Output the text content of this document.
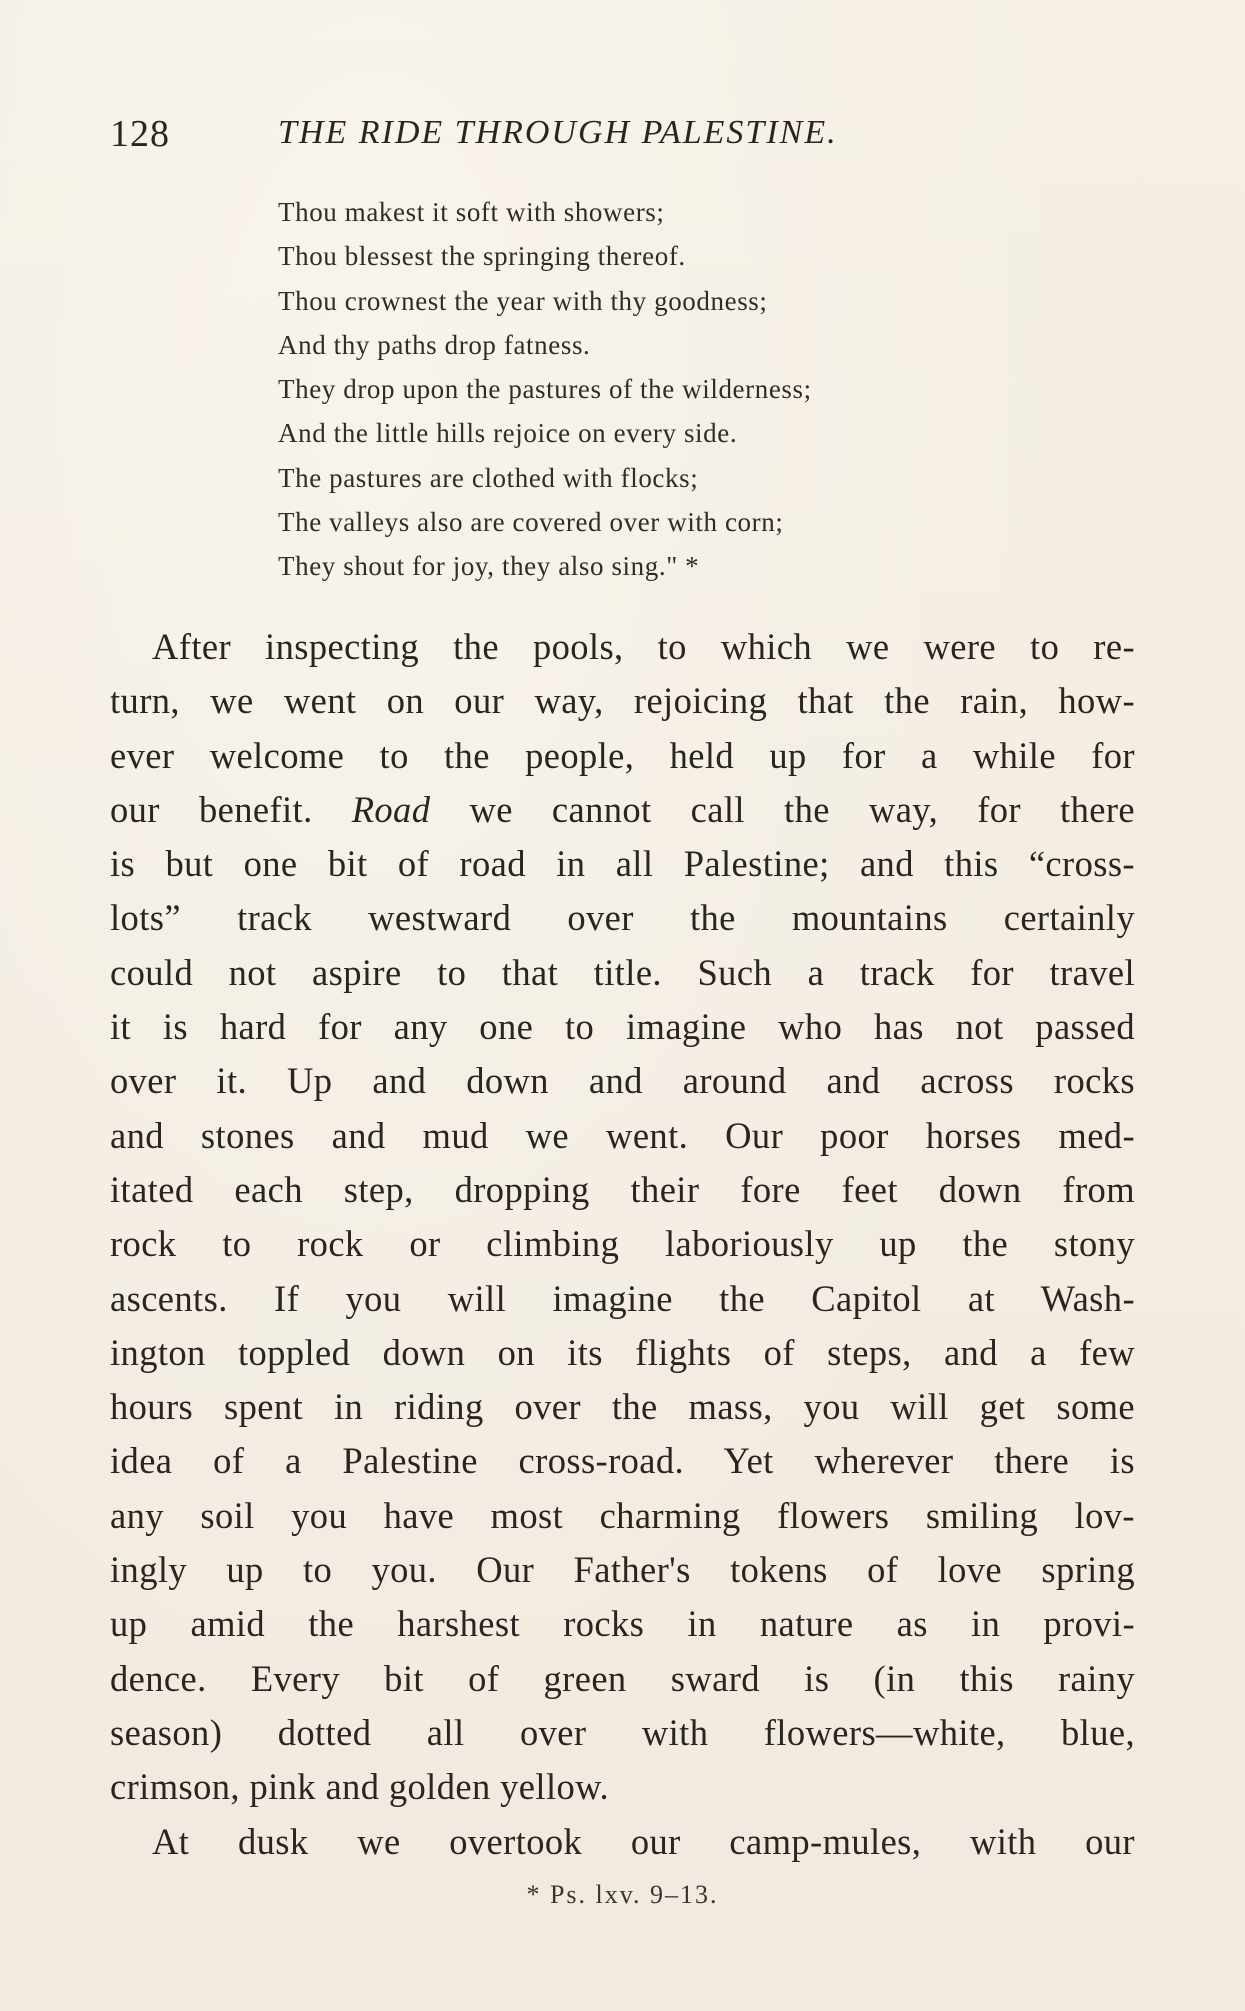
128	THE RIDE THROUGH PALESTINE.
Thou makest it soft with showers;
Thou blessest the springing thereof.
Thou crownest the year with thy goodness;
And thy paths drop fatness.
They drop upon the pastures of the wilderness;
And the little hills rejoice on every side.
The pastures are clothed with flocks;
The valleys also are covered over with corn;
They shout for joy, they also sing." *
After inspecting the pools, to which we were to re-
turn, we went on our way, rejoicing that the rain, how-
ever welcome to the people, held up for a while for
our benefit. Road we cannot call the way, for there
is but one bit of road in all Palestine; and this “cross-
lots” track westward over the mountains certainly
could not aspire to that title. Such a track for travel
it is hard for any one to imagine who has not passed
over it. Up and down and around and across rocks
and stones and mud we went. Our poor horses med-
itated each step, dropping their fore feet down from
rock to rock or climbing laboriously up the stony
ascents. If you will imagine the Capitol at Wash-
ington toppled down on its flights of steps, and a few
hours spent in riding over the mass, you will get some
idea of a Palestine cross-road. Yet wherever there is
any soil you have most charming flowers smiling lov-
ingly up to you. Our Father's tokens of love spring
up amid the harshest rocks in nature as in provi-
dence. Every bit of green sward is (in this rainy
season) dotted all over with flowers—white, blue,
crimson, pink and golden yellow.
At dusk we overtook our camp-mules, with our
* Ps. lxv. 9–13.
